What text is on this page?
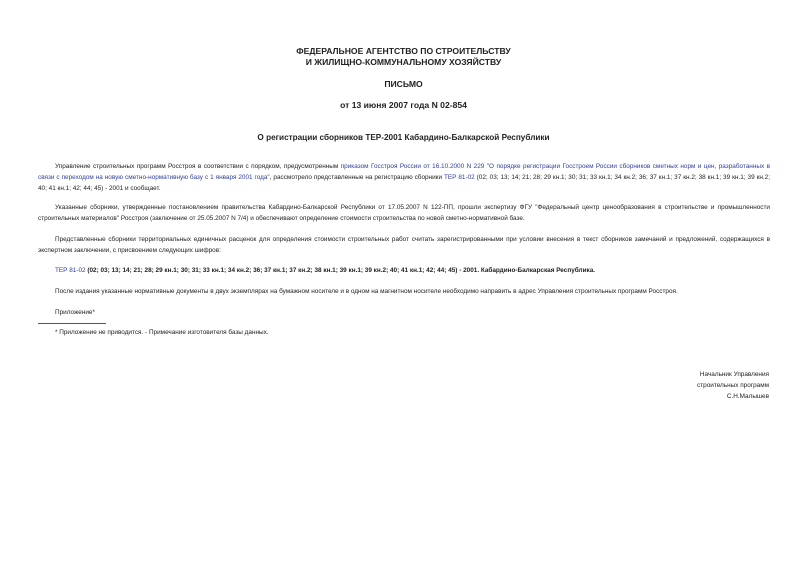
ФЕДЕРАЛЬНОЕ АГЕНТСТВО ПО СТРОИТЕЛЬСТВУ
И ЖИЛИЩНО-КОММУНАЛЬНОМУ ХОЗЯЙСТВУ
ПИСЬМО
от 13 июня 2007 года N 02-854
О регистрации сборников ТЕР-2001 Кабардино-Балкарской Республики
Управление строительных программ Росстроя в соответствии с порядком, предусмотренным приказом Госстроя России от 16.10.2000 N 229 "О порядке регистрации Госстроем России сборников сметных норм и цен, разработанных в связи с переходом на новую сметно-нормативную базу с 1 января 2001 года", рассмотрело представленные на регистрацию сборники ТЕР 81-02 (02; 03; 13; 14; 21; 28; 29 кн.1; 30; 31; 33 кн.1; 34 кн.2; 36; 37 кн.1; 37 кн.2; 38 кн.1; 39 кн.1; 39 кн.2; 40; 41 кн.1; 42; 44; 45) - 2001 и сообщает.
Указанные сборники, утвержденные постановлением правительства Кабардино-Балкарской Республики от 17.05.2007 N 122-ПП, прошли экспертизу ФГУ "Федеральный центр ценообразования в строительстве и промышленности строительных материалов" Росстроя (заключение от 25.05.2007 N 7/4) и обеспечивают определение стоимости строительства по новой сметно-нормативной базе.
Представленные сборники территориальных единичных расценок для определения стоимости строительных работ считать зарегистрированными при условии внесения в текст сборников замечаний и предложений, содержащихся в экспертном заключении, с присвоением следующих шифров:
ТЕР 81-02 (02; 03; 13; 14; 21; 28; 29 кн.1; 30; 31; 33 кн.1; 34 кн.2; 36; 37 кн.1; 37 кн.2; 38 кн.1; 39 кн.1; 39 кн.2; 40; 41 кн.1; 42; 44; 45) - 2001. Кабардино-Балкарская Республика.
После издания указанные нормативные документы в двух экземплярах на бумажном носителе и в одном на магнитном носителе необходимо направить в адрес Управления строительных программ Росстроя.
Приложение*
* Приложение не приводится. - Примечание изготовителя базы данных.
Начальник Управления
строительных программ
С.Н.Малышев
